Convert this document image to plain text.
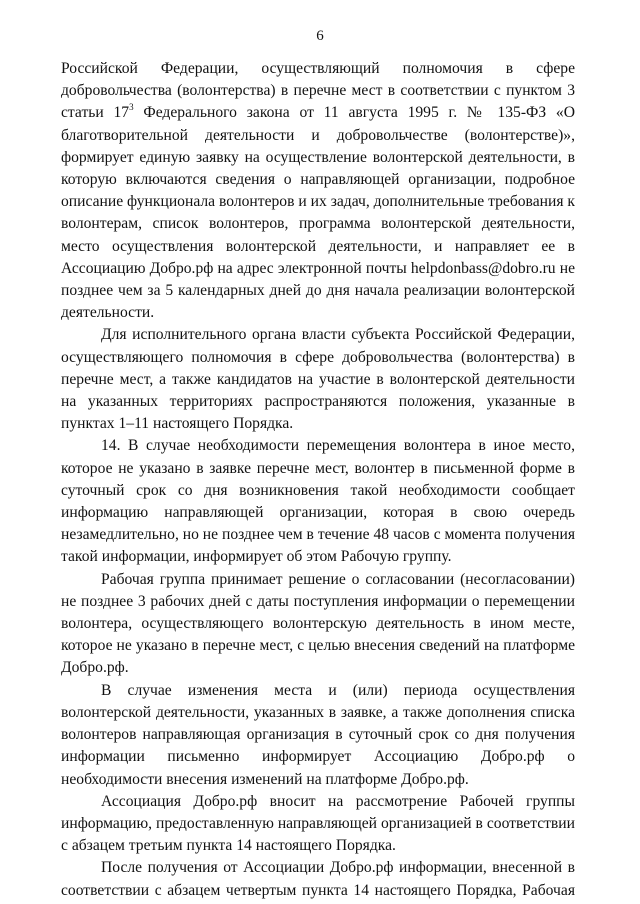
6

Российской Федерации, осуществляющий полномочия в сфере добровольчества (волонтерства) в перечне мест в соответствии с пунктом 3 статьи $17^3$ Федерального закона от 11 августа 1995 г. № 135-ФЗ «О благотворительной деятельности и добровольчестве (волонтерстве)», формирует единую заявку на осуществление волонтерской деятельности, в которую включаются сведения о направляющей организации, подробное описание функционала волонтеров и их задач, дополнительные требования к волонтерам, список волонтеров, программа волонтерской деятельности, место осуществления волонтерской деятельности, и направляет ее в Ассоциацию Добро.рф на адрес электронной почты helpdonbass@dobro.ru не позднее чем за 5 календарных дней до дня начала реализации волонтерской деятельности.

Для исполнительного органа власти субъекта Российской Федерации, осуществляющего полномочия в сфере добровольчества (волонтерства) в перечне мест, а также кандидатов на участие в волонтерской деятельности на указанных территориях распространяются положения, указанные в пунктах 1–11 настоящего Порядка.

14. В случае необходимости перемещения волонтера в иное место, которое не указано в заявке перечне мест, волонтер в письменной форме в суточный срок со дня возникновения такой необходимости сообщает информацию направляющей организации, которая в свою очередь незамедлительно, но не позднее чем в течение 48 часов с момента получения такой информации, информирует об этом Рабочую группу.

Рабочая группа принимает решение о согласовании (несогласовании) не позднее 3 рабочих дней с даты поступления информации о перемещении волонтера, осуществляющего волонтерскую деятельность в ином месте, которое не указано в перечне мест, с целью внесения сведений на платформе Добро.рф.

В случае изменения места и (или) периода осуществления волонтерской деятельности, указанных в заявке, а также дополнения списка волонтеров направляющая организация в суточный срок со дня получения информации письменно информирует Ассоциацию Добро.рф о необходимости внесения изменений на платформе Добро.рф.

Ассоциация Добро.рф вносит на рассмотрение Рабочей группы информацию, предоставленную направляющей организацией в соответствии с абзацем третьим пункта 14 настоящего Порядка.

После получения от Ассоциации Добро.рф информации, внесенной в соответствии с абзацем четвертым пункта 14 настоящего Порядка, Рабочая
